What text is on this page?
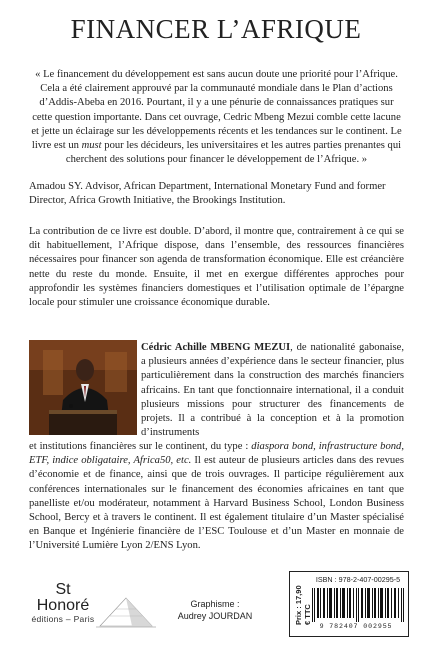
FINANCER L’AFRIQUE

« Le financement du développement est sans aucun doute une priorité pour l’Afrique. Cela a été clairement approuvé par la communauté mondiale dans le Plan d’actions d’Addis-Abeba en 2016. Pourtant, il y a une pénurie de connaissances pratiques sur cette question importante. Dans cet ouvrage, Cedric Mbeng Mezui comble cette lacune et jette un éclairage sur les développements récents et les tendances sur le continent. Le livre est un must pour les décideurs, les universitaires et les autres parties prenantes qui cherchent des solutions pour financer le développement de l’Afrique. »

Amadou SY. Advisor, African Department, International Monetary Fund and former Director, Africa Growth Initiative, the Brookings Institution.

La contribution de ce livre est double. D’abord, il montre que, contrairement à ce qui se dit habituellement, l’Afrique dispose, dans l’ensemble, des ressources financières nécessaires pour financer son agenda de transformation économique. Elle est créancière nette du reste du monde. Ensuite, il met en exergue différentes approches pour approfondir les systèmes financiers domestiques et l’utilisation optimale de l’épargne locale pour stimuler une croissance économique durable.

Cédric Achille MBENG MEZUI, de nationalité gabonaise, a plusieurs années d’expérience dans le secteur financier, plus particulièrement dans la construction des marchés financiers africains. En tant que fonctionnaire international, il a conduit plusieurs missions pour structurer des financements de projets. Il a contribué à la conception et à la promotion d’instruments

et institutions financières sur le continent, du type : diaspora bond, infrastructure bond, ETF, indice obligataire, Africa50, etc. Il est auteur de plusieurs articles dans des revues d’économie et de finance, ainsi que de trois ouvrages. Il participe régulièrement aux conférences internationales sur le financement des économies africaines en tant que panelliste et/ou modérateur, notamment à Harvard Business School, London Business School, Bercy et à travers le continent. Il est également titulaire d’un Master spécialisé en Banque et Ingénierie financière de l’ESC Toulouse et d’un Master en monnaie de l’Université Lumière Lyon 2/ENS Lyon.

St Honoré
éditions – Paris
Graphisme :
Audrey JOURDAN	Prix : 17,90 € TTC
ISBN : 978-2-407-00295-5
9 782407 002955
